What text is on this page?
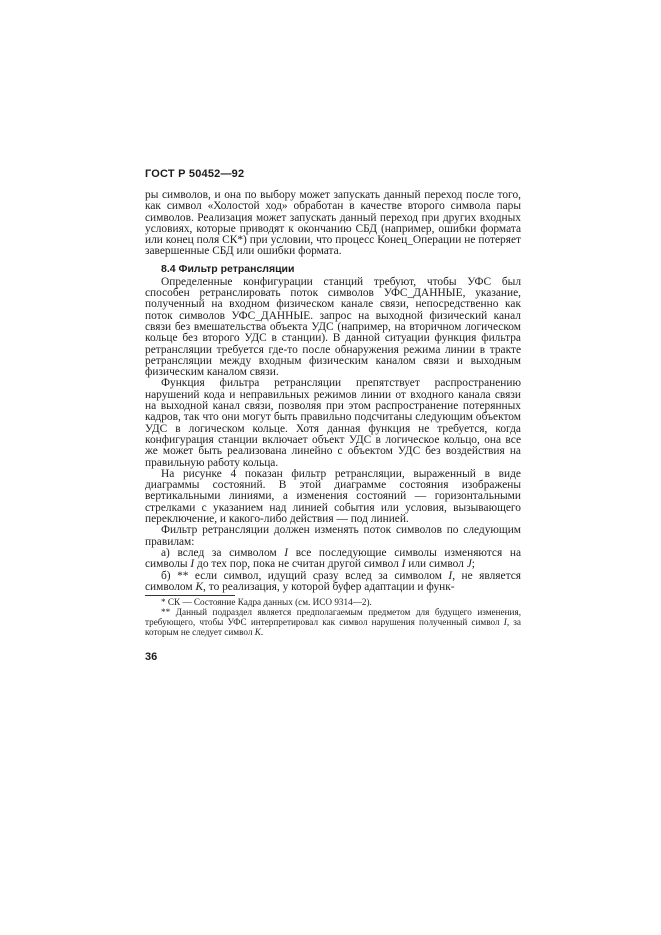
ГОСТ Р 50452—92

ры символов, и она по выбору может запускать данный переход после того, как символ «Холостой ход» обработан в качестве второго символа пары символов. Реализация может запускать данный переход при других входных условиях, которые приводят к окончанию СБД (например, ошибки формата или конец поля СК*) при условии, что процесс Конец_Операции не потеряет завершенные СБД или ошибки формата.

8.4 Фильтр ретрансляции

Определенные конфигурации станций требуют, чтобы УФС был способен ретранслировать поток символов УФС_ДАННЫЕ, указание, полученный на входном физическом канале связи, непосредственно как поток символов УФС_ДАННЫЕ. запрос на выходной физический канал связи без вмешательства объекта УДС (например, на вторичном логическом кольце без второго УДС в станции). В данной ситуации функция фильтра ретрансляции требуется где-то после обнаружения режима линии в тракте ретрансляции между входным физическим каналом связи и выходным физическим каналом связи.

Функция фильтра ретрансляции препятствует распространению нарушений кода и неправильных режимов линии от входного канала связи на выходной канал связи, позволяя при этом распространение потерянных кадров, так что они могут быть правильно подсчитаны следующим объектом УДС в логическом кольце. Хотя данная функция не требуется, когда конфигурация станции включает объект УДС в логическое кольцо, она все же может быть реализована линейно с объектом УДС без воздействия на правильную работу кольца.

На рисунке 4 показан фильтр ретрансляции, выраженный в виде диаграммы состояний. В этой диаграмме состояния изображены вертикальными линиями, а изменения состояний — горизонтальными стрелками с указанием над линией события или условия, вызывающего переключение, и какого-либо действия — под линией.

Фильтр ретрансляции должен изменять поток символов по следующим правилам:

а) вслед за символом I все последующие символы изменяются на символы I до тех пор, пока не считан другой символ I или символ J;

б) ** если символ, идущий сразу вслед за символом I, не является символом K, то реализация, у которой буфер адаптации и функ-

* СК — Состояние Кадра данных (см. ИСО 9314—2).

** Данный подраздел является предполагаемым предметом для будущего изменения, требующего, чтобы УФС интерпретировал как символ нарушения полученный символ I, за которым не следует символ K.

36
